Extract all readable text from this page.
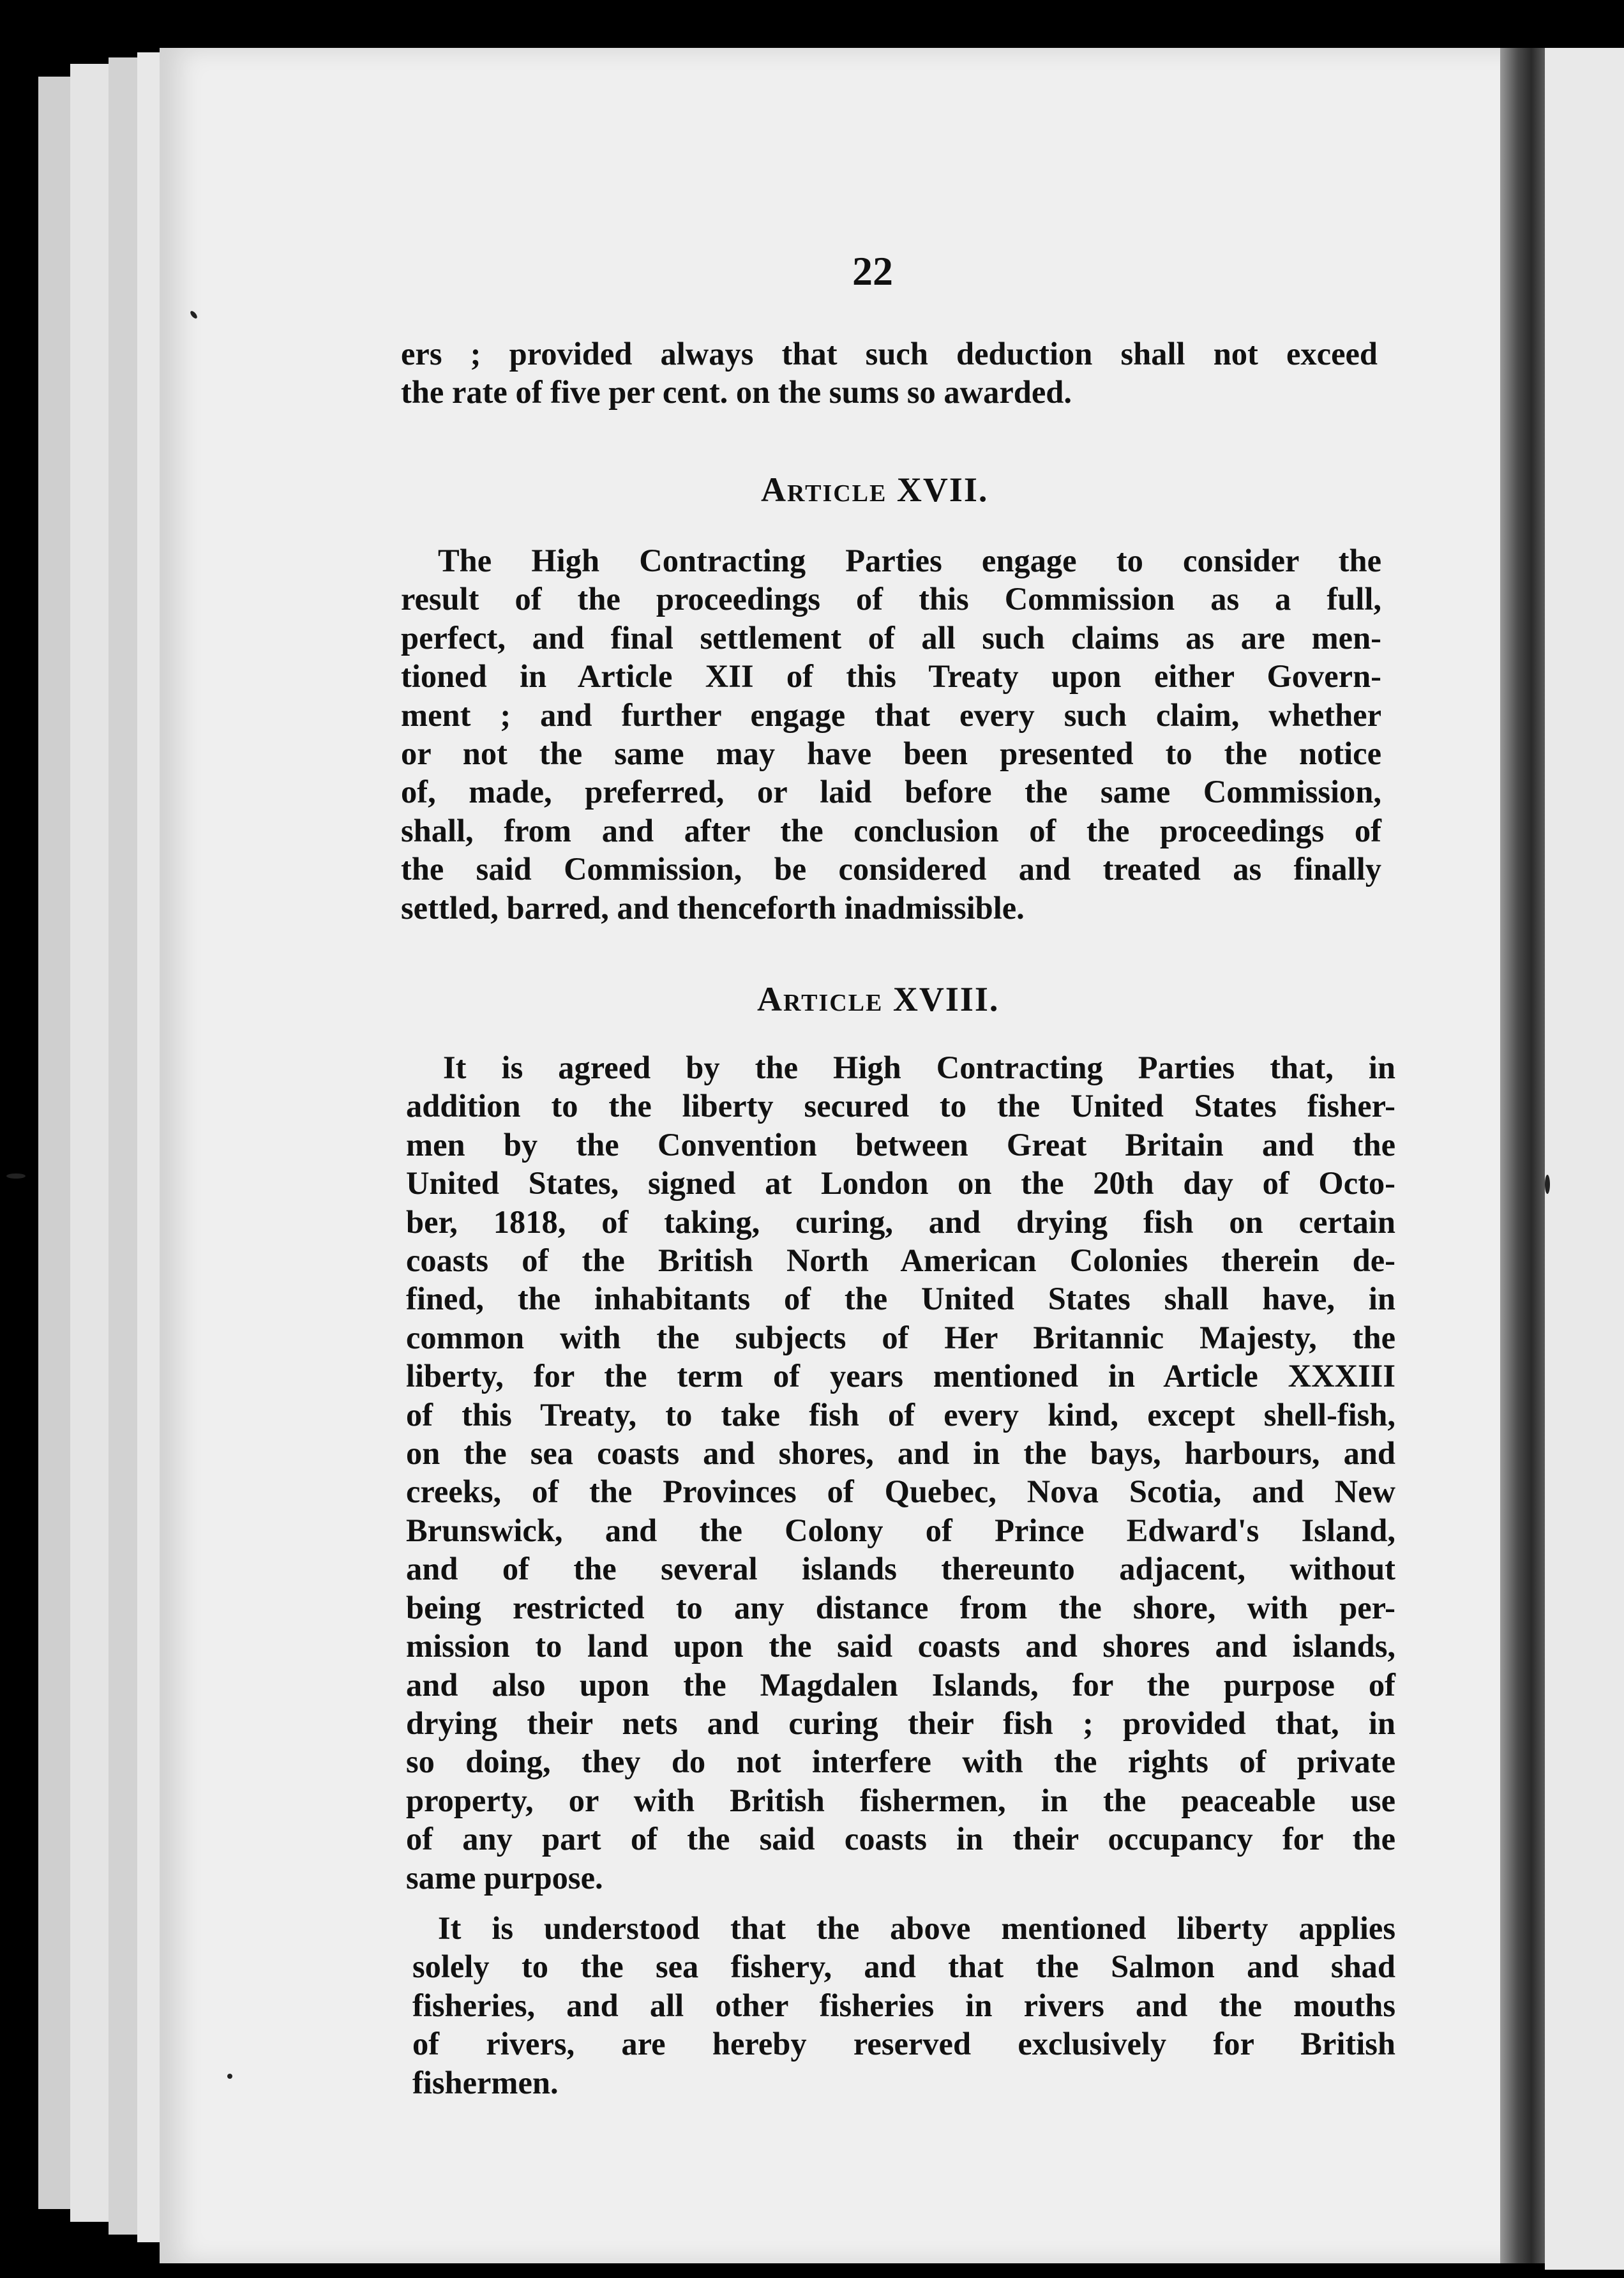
22
ers ; provided always that such deduction shall not exceed
the rate of five per cent. on the sums so awarded.
Article XVII.
The High Contracting Parties engage to consider the
result of the proceedings of this Commission as a full,
perfect, and final settlement of all such claims as are men-
tioned in Article XII of this Treaty upon either Govern-
ment ; and further engage that every such claim, whether
or not the same may have been presented to the notice
of, made, preferred, or laid before the same Commission,
shall, from and after the conclusion of the proceedings of
the said Commission, be considered and treated as finally
settled, barred, and thenceforth inadmissible.
Article XVIII.
It is agreed by the High Contracting Parties that, in
addition to the liberty secured to the United States fisher-
men by the Convention between Great Britain and the
United States, signed at London on the 20th day of Octo-
ber, 1818, of taking, curing, and drying fish on certain
coasts of the British North American Colonies therein de-
fined, the inhabitants of the United States shall have, in
common with the subjects of Her Britannic Majesty, the
liberty, for the term of years mentioned in Article XXXIII
of this Treaty, to take fish of every kind, except shell-fish,
on the sea coasts and shores, and in the bays, harbours, and
creeks, of the Provinces of Quebec, Nova Scotia, and New
Brunswick, and the Colony of Prince Edward's Island,
and of the several islands thereunto adjacent, without
being restricted to any distance from the shore, with per-
mission to land upon the said coasts and shores and islands,
and also upon the Magdalen Islands, for the purpose of
drying their nets and curing their fish ; provided that, in
so doing, they do not interfere with the rights of private
property, or with British fishermen, in the peaceable use
of any part of the said coasts in their occupancy for the
same purpose.
It is understood that the above mentioned liberty applies
solely to the sea fishery, and that the Salmon and shad
fisheries, and all other fisheries in rivers and the mouths
of rivers, are hereby reserved exclusively for British
fishermen.
